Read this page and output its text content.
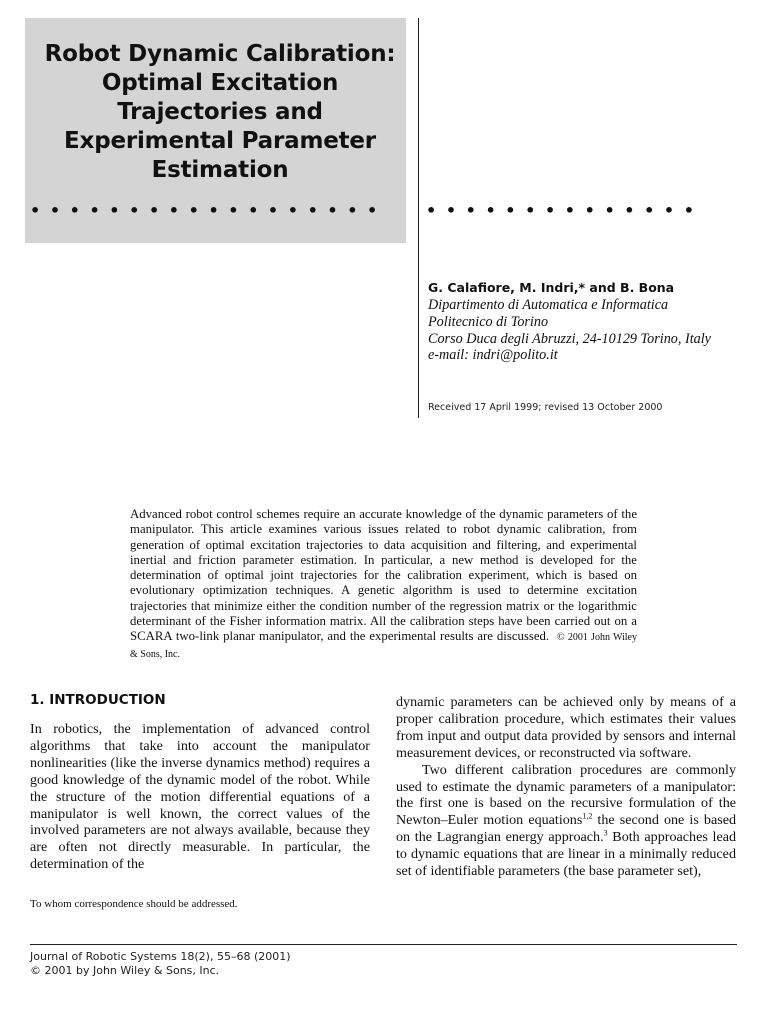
Robot Dynamic Calibration: Optimal Excitation Trajectories and Experimental Parameter Estimation
•••••••••••••••••• ••••••••••••••
G. Calafiore, M. Indri,* and B. Bona
Dipartimento di Automatica e Informatica
Politecnico di Torino
Corso Duca degli Abruzzi, 24-10129 Torino, Italy
e-mail: indri@polito.it
Received 17 April 1999; revised 13 October 2000
Advanced robot control schemes require an accurate knowledge of the dynamic parameters of the manipulator. This article examines various issues related to robot dynamic calibration, from generation of optimal excitation trajectories to data acquisition and filtering, and experimental inertial and friction parameter estimation. In particular, a new method is developed for the determination of optimal joint trajectories for the calibration experiment, which is based on evolutionary optimization techniques. A genetic algorithm is used to determine excitation trajectories that minimize either the condition number of the regression matrix or the logarithmic determinant of the Fisher information matrix. All the calibration steps have been carried out on a SCARA two-link planar manipulator, and the experimental results are discussed. © 2001 John Wiley & Sons, Inc.
1. INTRODUCTION

In robotics, the implementation of advanced control algorithms that take into account the manipulator nonlinearities (like the inverse dynamics method) requires a good knowledge of the dynamic model of the robot. While the structure of the motion differential equations of a manipulator is well known, the correct values of the involved parameters are not always available, because they are often not directly measurable. In particular, the determination of the

dynamic parameters can be achieved only by means of a proper calibration procedure, which estimates their values from input and output data provided by sensors and internal measurement devices, or reconstructed via software.

Two different calibration procedures are commonly used to estimate the dynamic parameters of a manipulator: the first one is based on the recursive formulation of the Newton–Euler motion equations$^{1,2}$ the second one is based on the Lagrangian energy approach.$^3$ Both approaches lead to dynamic equations that are linear in a minimally reduced set of identifiable parameters (the base parameter set),

To whom correspondence should be addressed.
Journal of Robotic Systems 18(2), 55–68 (2001)
© 2001 by John Wiley & Sons, Inc.
